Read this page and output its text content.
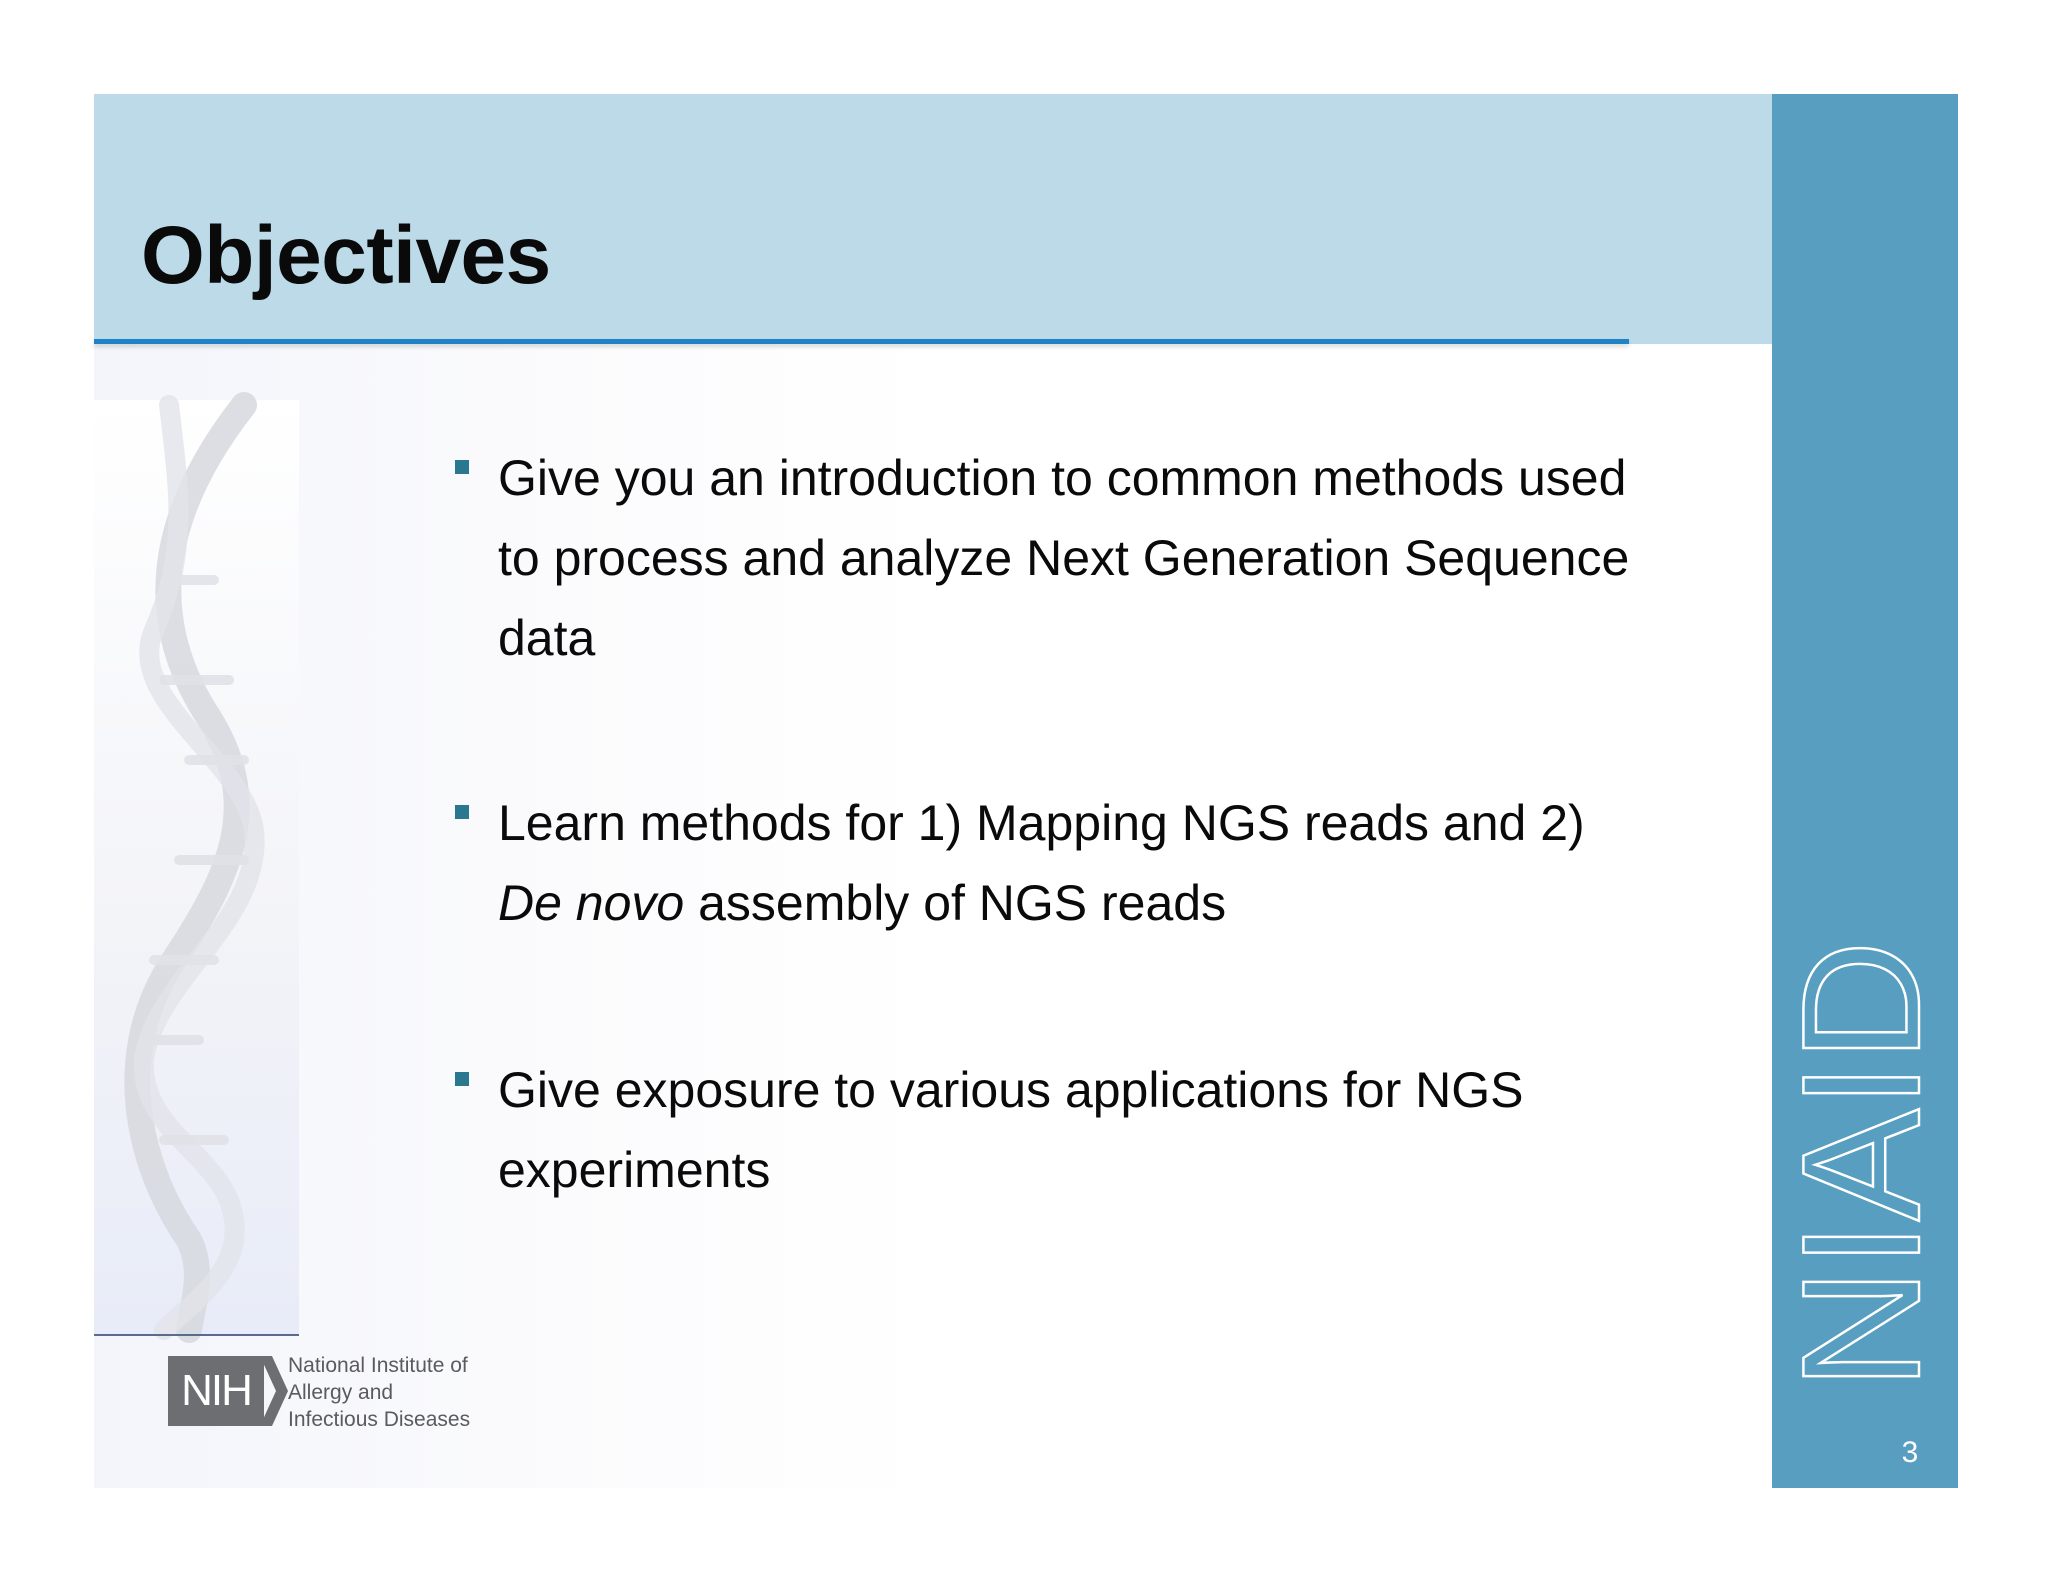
Objectives
NIAID
3
Give you an introduction to common methods used
to process and analyze Next Generation Sequence
data
Learn methods for 1) Mapping NGS reads and 2)
De novo assembly of NGS reads
Give exposure to various applications for NGS
experiments
NIH
National Institute of
Allergy and
Infectious Diseases
